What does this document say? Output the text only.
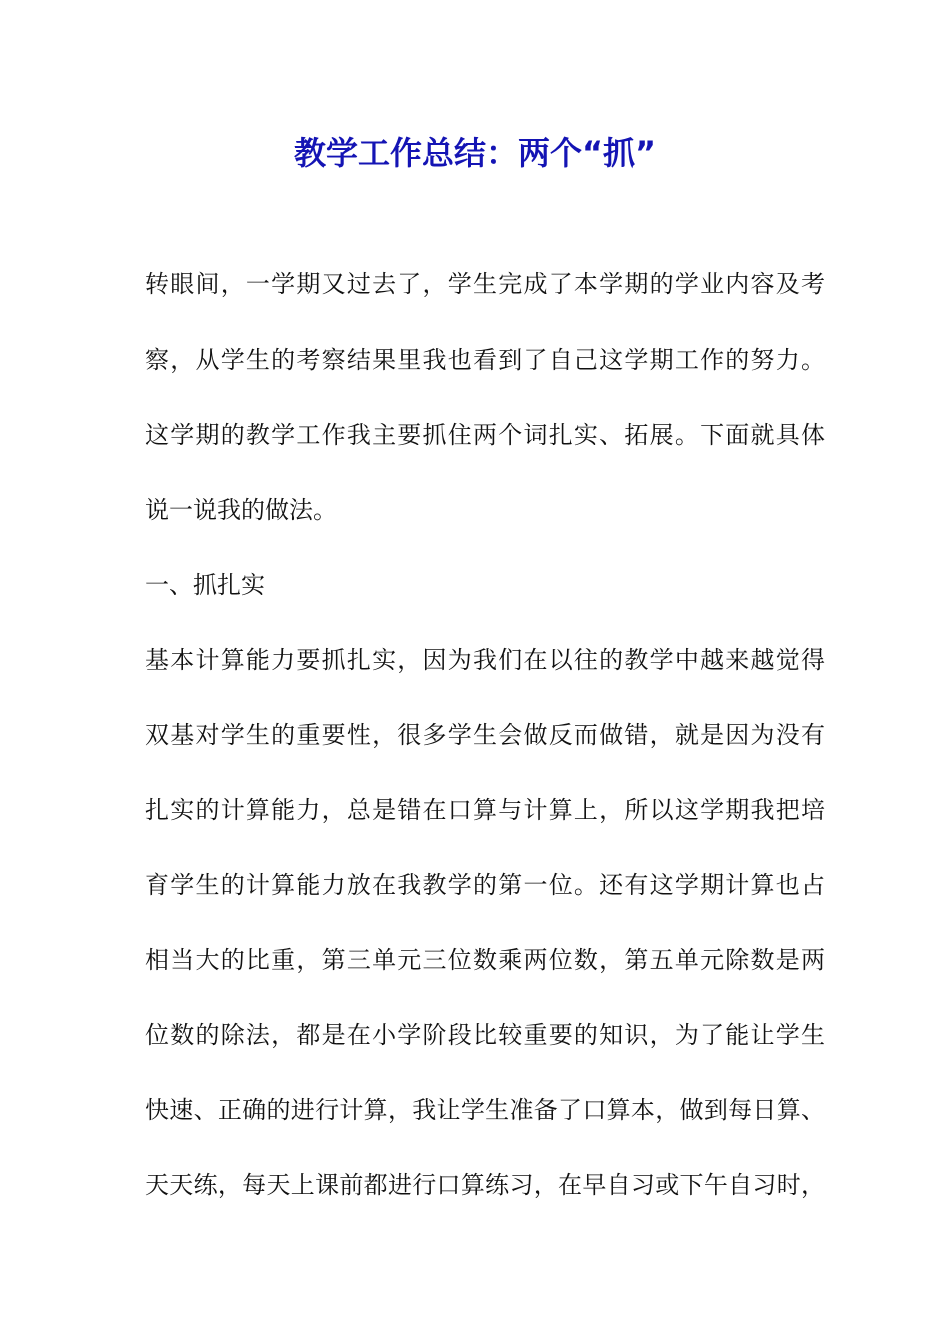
教学工作总结：两个“抓”

转眼间，一学期又过去了，学生完成了本学期的学业内容及考

察，从学生的考察结果里我也看到了自己这学期工作的努力。

这学期的教学工作我主要抓住两个词扎实、拓展。下面就具体

说一说我的做法。

一、抓扎实

基本计算能力要抓扎实，因为我们在以往的教学中越来越觉得

双基对学生的重要性，很多学生会做反而做错，就是因为没有

扎实的计算能力，总是错在口算与计算上，所以这学期我把培

育学生的计算能力放在我教学的第一位。还有这学期计算也占

相当大的比重，第三单元三位数乘两位数，第五单元除数是两

位数的除法，都是在小学阶段比较重要的知识，为了能让学生

快速、正确的进行计算，我让学生准备了口算本，做到每日算、

天天练，每天上课前都进行口算练习，在早自习或下午自习时，
